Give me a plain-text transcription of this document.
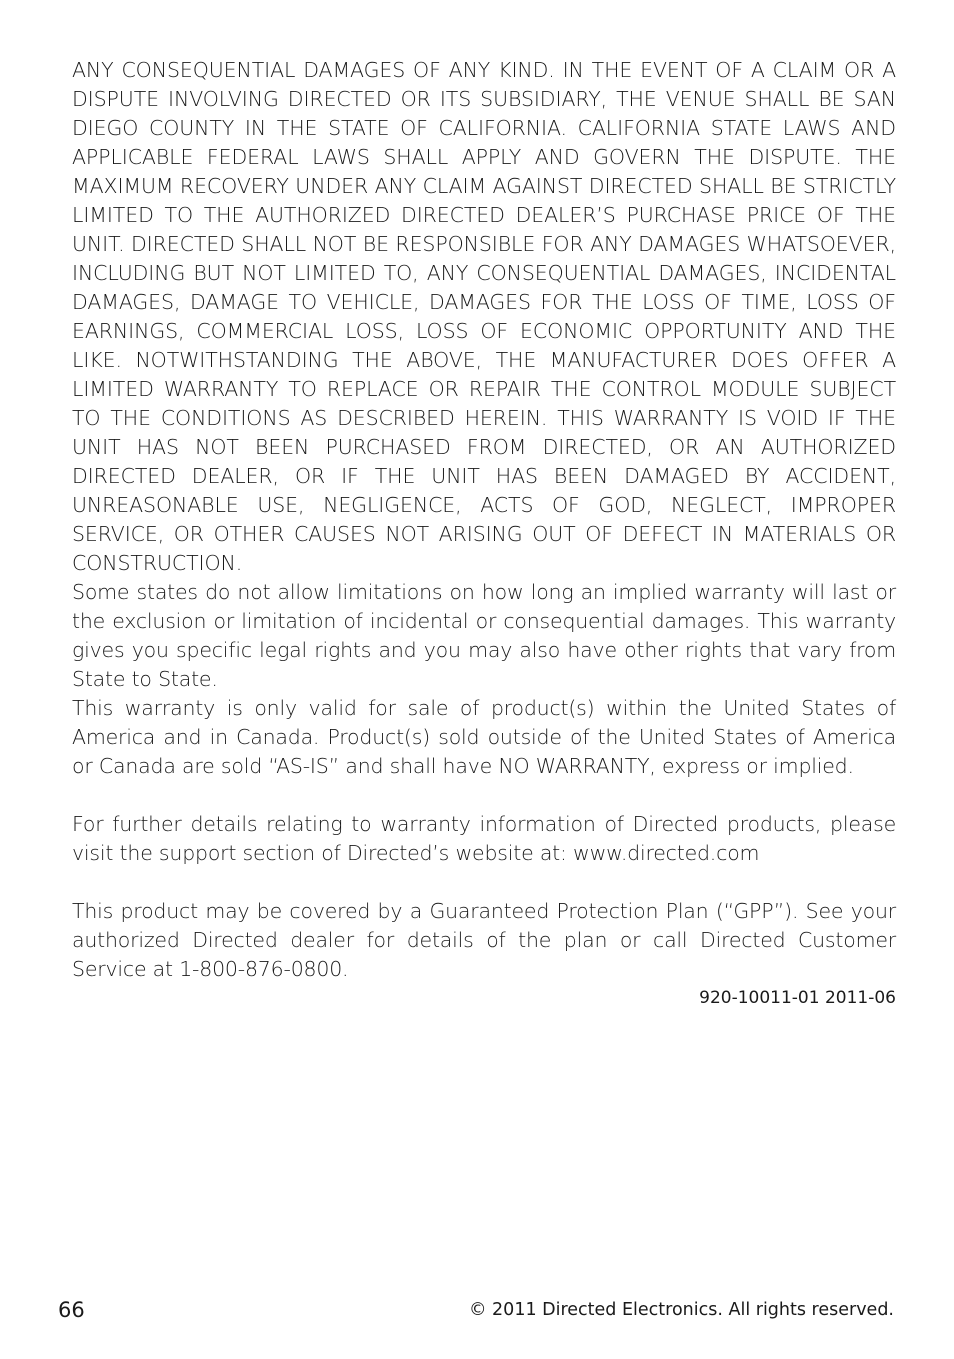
ANY CONSEQUENTIAL DAMAGES OF ANY KIND. IN THE EVENT OF A CLAIM OR A DISPUTE INVOLVING DIRECTED OR ITS SUBSIDIARY, THE VENUE SHALL BE SAN DIEGO COUNTY IN THE STATE OF CALIFORNIA. CALIFORNIA STATE LAWS AND APPLICABLE FEDERAL LAWS SHALL APPLY AND GOVERN THE DISPUTE. THE MAXIMUM RECOVERY UNDER ANY CLAIM AGAINST DIRECTED SHALL BE STRICTLY LIMITED TO THE AUTHORIZED DIRECTED DEALER’S PURCHASE PRICE OF THE UNIT. DIRECTED SHALL NOT BE RESPONSIBLE FOR ANY DAMAGES WHATSOEVER, INCLUDING BUT NOT LIMITED TO, ANY CONSEQUENTIAL DAMAGES, INCIDENTAL DAMAGES, DAMAGE TO VEHICLE, DAMAGES FOR THE LOSS OF TIME, LOSS OF EARNINGS, COMMERCIAL LOSS, LOSS OF ECONOMIC OPPORTUNITY AND THE LIKE. NOTWITHSTANDING THE ABOVE, THE MANUFACTURER DOES OFFER A LIMITED WARRANTY TO REPLACE OR REPAIR THE CONTROL MODULE SUBJECT TO THE CONDITIONS AS DESCRIBED HEREIN. THIS WARRANTY IS VOID IF THE UNIT HAS NOT BEEN PURCHASED FROM DIRECTED, OR AN AUTHORIZED DIRECTED DEALER, OR IF THE UNIT HAS BEEN DAMAGED BY ACCIDENT, UNREASONABLE USE, NEGLIGENCE, ACTS OF GOD, NEGLECT, IMPROPER SERVICE, OR OTHER CAUSES NOT ARISING OUT OF DEFECT IN MATERIALS OR CONSTRUCTION.

Some states do not allow limitations on how long an implied warranty will last or the exclusion or limitation of incidental or consequential damages. This warranty gives you specific legal rights and you may also have other rights that vary from State to State.

This warranty is only valid for sale of product(s) within the United States of America and in Canada. Product(s) sold outside of the United States of America or Canada are sold “AS-IS” and shall have NO WARRANTY, express or implied.

For further details relating to warranty information of Directed products, please visit the support section of Directed’s website at: www.directed.com

This product may be covered by a Guaranteed Protection Plan (“GPP”). See your authorized Directed dealer for details of the plan or call Directed Customer Service at 1-800-876-0800.

920-10011-01 2011-06

66	© 2011 Directed Electronics. All rights reserved.
